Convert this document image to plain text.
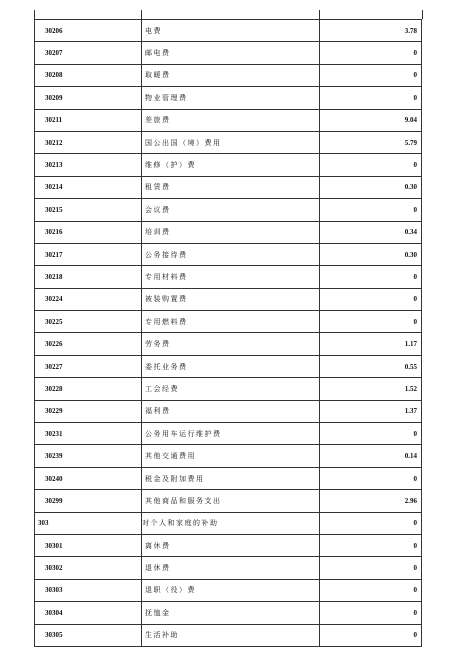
30206	电费	3.78
30207	邮电费	0
30208	取暖费	0
30209	物业管理费	0
30211	差旅费	9.04
30212	国公出国（境）费用	5.79
30213	维修（护）费	0
30214	租赁费	0.30
30215	会议费	0
30216	培训费	0.34
30217	公务接待费	0.30
30218	专用材料费	0
30224	被装购置费	0
30225	专用燃料费	0
30226	劳务费	1.17
30227	委托业务费	0.55
30228	工会经费	1.52
30229	福利费	1.37
30231	公务用车运行维护费	0
30239	其他交通费用	0.14
30240	税金及附加费用	0
30299	其他商品和服务支出	2.96
303	对个人和家庭的补助	0
30301	离休费	0
30302	退休费	0
30303	退职（役）费	0
30304	抚恤金	0
30305	生活补助	0
